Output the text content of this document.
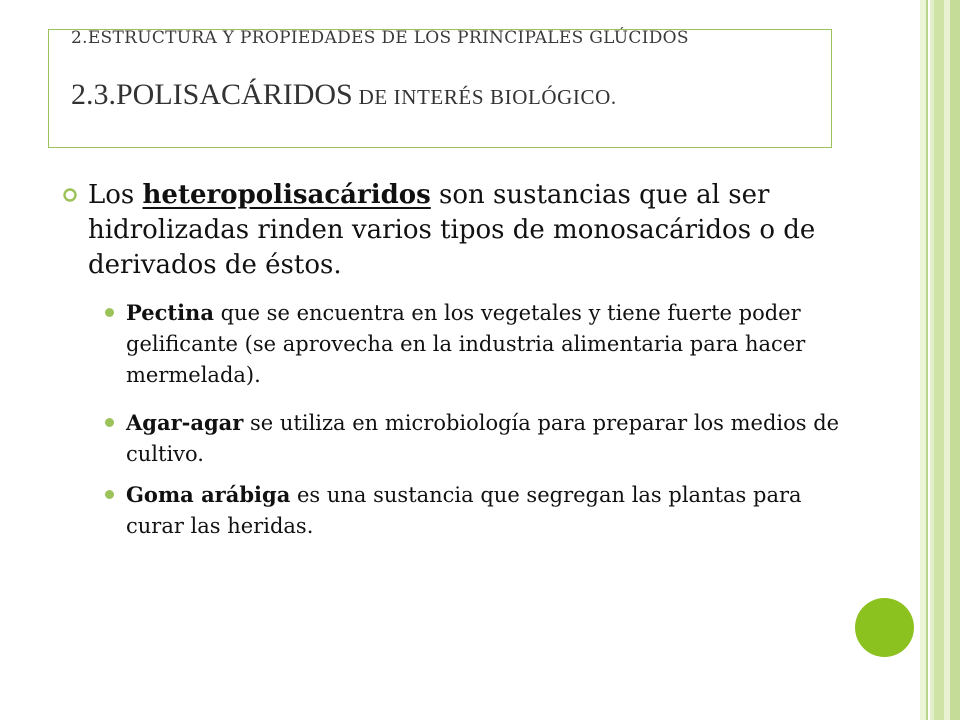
2.ESTRUCTURA Y PROPIEDADES DE LOS PRINCIPALES GLÚCIDOS
2.3.POLISACÁRIDOS DE INTERÉS BIOLÓGICO.
Los heteropolisacáridos son sustancias que al ser hidrolizadas rinden varios tipos de monosacáridos o de derivados de éstos.
Pectina que se encuentra en los vegetales y tiene fuerte poder gelificante (se aprovecha en la industria alimentaria para hacer mermelada).
Agar-agar se utiliza en microbiología para preparar los medios de cultivo.
Goma arábiga es una sustancia que segregan las plantas para curar las heridas.
